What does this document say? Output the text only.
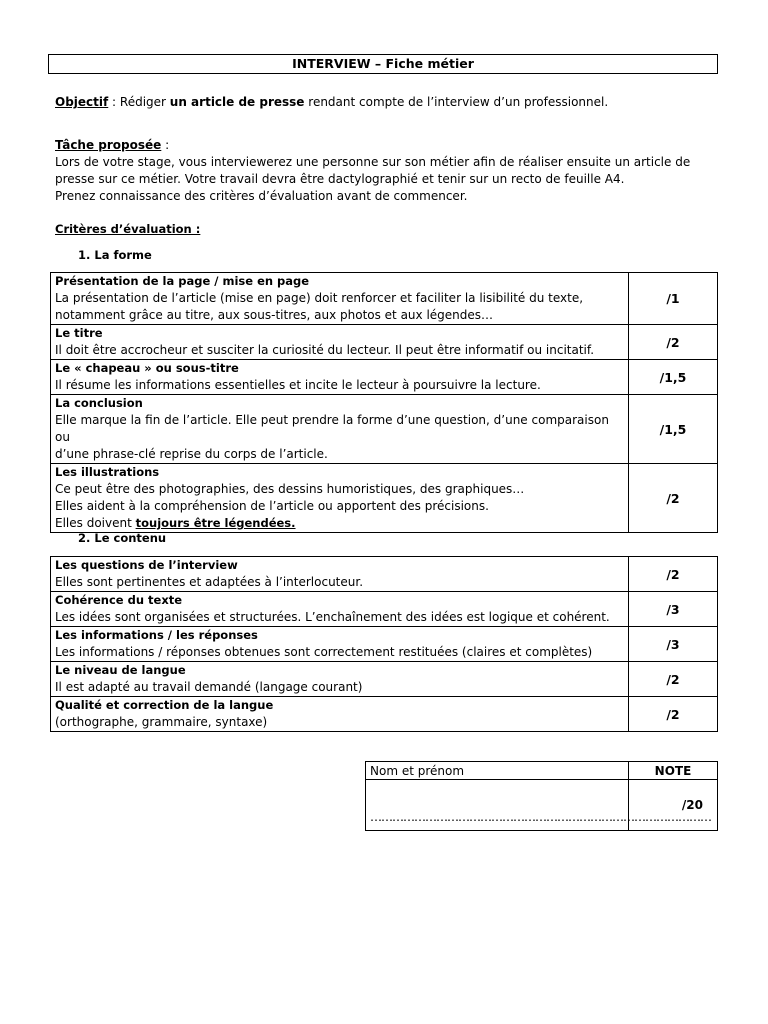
INTERVIEW – Fiche métier

Objectif : Rédiger un article de presse rendant compte de l’interview d’un professionnel.

Tâche proposée :

Lors de votre stage, vous interviewerez une personne sur son métier afin de réaliser ensuite un article de
presse sur ce métier. Votre travail devra être dactylographié et tenir sur un recto de feuille A4.
Prenez connaissance des critères d’évaluation avant de commencer.

Critères d’évaluation :

1. La forme
Présentation de la page / mise en page
La présentation de l’article (mise en page) doit renforcer et faciliter la lisibilité du texte,
notamment grâce au titre, aux sous-titres, aux photos et aux légendes…	/1

Le titre
Il doit être accrocheur et susciter la curiosité du lecteur. Il peut être informatif ou incitatif.	/2

Le « chapeau » ou sous-titre
Il résume les informations essentielles et incite le lecteur à poursuivre la lecture.	/1,5

La conclusion
Elle marque la fin de l’article. Elle peut prendre la forme d’une question, d’une comparaison ou
d’une phrase-clé reprise du corps de l’article.	/1,5

Les illustrations
Ce peut être des photographies, des dessins humoristiques, des graphiques…
Elles aident à la compréhension de l’article ou apportent des précisions.
Elles doivent toujours être légendées.	/2
2. Le contenu
Les questions de l’interview
Elles sont pertinentes et adaptées à l’interlocuteur.	/2

Cohérence du texte
Les idées sont organisées et structurées. L’enchaînement des idées est logique et cohérent.	/3

Les informations / les réponses
Les informations / réponses obtenues sont correctement restituées (claires et complètes)	/3

Le niveau de langue
Il est adapté au travail demandé (langage courant)	/2

Qualité et correction de la langue
(orthographe, grammaire, syntaxe)	/2
Nom et prénom	NOTE
…………………………………………………………………………………	/20
